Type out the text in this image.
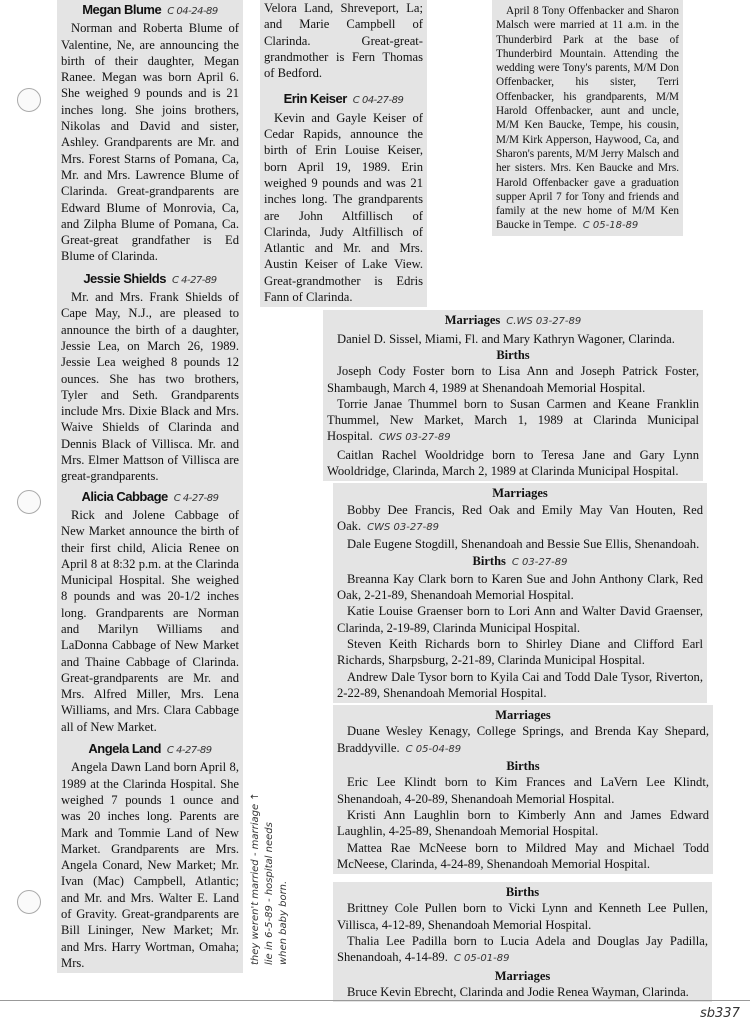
Megan Blume C 04-24-89

Norman and Roberta Blume of Valentine, Ne, are announcing the birth of their daughter, Megan Ranee. Megan was born April 6. She weighed 9 pounds and is 21 inches long. She joins brothers, Nikolas and David and sister, Ashley. Grandparents are Mr. and Mrs. Forest Starns of Pomana, Ca, Mr. and Mrs. Lawrence Blume of Clarinda. Great-grandparents are Edward Blume of Monrovia, Ca, and Zilpha Blume of Pomana, Ca. Great-great grandfather is Ed Blume of Clarinda.

Jessie Shields C 4-27-89

Mr. and Mrs. Frank Shields of Cape May, N.J., are pleased to announce the birth of a daughter, Jessie Lea, on March 26, 1989. Jessie Lea weighed 8 pounds 12 ounces. She has two brothers, Tyler and Seth. Grandparents include Mrs. Dixie Black and Mrs. Waive Shields of Clarinda and Dennis Black of Villisca. Mr. and Mrs. Elmer Mattson of Villisca are great-grandparents.

Alicia Cabbage C 4-27-89

Rick and Jolene Cabbage of New Market announce the birth of their first child, Alicia Renee on April 8 at 8:32 p.m. at the Clarinda Municipal Hospital. She weighed 8 pounds and was 20-1/2 inches long. Grandparents are Norman and Marilyn Williams and LaDonna Cabbage of New Market and Thaine Cabbage of Clarinda. Great-grandparents are Mr. and Mrs. Alfred Miller, Mrs. Lena Williams, and Mrs. Clara Cabbage all of New Market.

Angela Land C 4-27-89

Angela Dawn Land born April 8, 1989 at the Clarinda Hospital. She weighed 7 pounds 1 ounce and was 20 inches long. Parents are Mark and Tommie Land of New Market. Grandparents are Mrs. Angela Conard, New Market; Mr. Ivan (Mac) Campbell, Atlantic; and Mr. and Mrs. Walter E. Land of Gravity. Great-grandparents are Bill Lininger, New Market; Mr. and Mrs. Harry Wortman, Omaha; Mrs.

Velora Land, Shreveport, La; and Marie Campbell of Clarinda. Great-great-grandmother is Fern Thomas of Bedford.

Erin Keiser C 04-27-89

Kevin and Gayle Keiser of Cedar Rapids, announce the birth of Erin Louise Keiser, born April 19, 1989. Erin weighed 9 pounds and was 21 inches long. The grandparents are John Altfillisch of Clarinda, Judy Altfillisch of Atlantic and Mr. and Mrs. Austin Keiser of Lake View. Great-grandmother is Edris Fann of Clarinda.

April 8 Tony Offenbacker and Sharon Malsch were married at 11 a.m. in the Thunderbird Park at the base of Thunderbird Mountain. Attending the wedding were Tony's parents, M/M Don Offenbacker, his sister, Terri Offenbacker, his grandparents, M/M Harold Offenbacker, aunt and uncle, M/M Ken Baucke, Tempe, his cousin, M/M Kirk Apperson, Haywood, Ca, and Sharon's parents, M/M Jerry Malsch and her sisters. Mrs. Ken Baucke and Mrs. Harold Offenbacker gave a graduation supper April 7 for Tony and friends and family at the new home of M/M Ken Baucke in Tempe. C 05-18-89

Marriages C.WS 03-27-89

Daniel D. Sissel, Miami, Fl. and Mary Kathryn Wagoner, Clarinda.

Births

Joseph Cody Foster born to Lisa Ann and Joseph Patrick Foster, Shambaugh, March 4, 1989 at Shenandoah Memorial Hospital.

Torrie Janae Thummel born to Susan Carmen and Keane Franklin Thummel, New Market, March 1, 1989 at Clarinda Municipal Hospital. CWS 03-27-89

Caitlan Rachel Wooldridge born to Teresa Jane and Gary Lynn Wooldridge, Clarinda, March 2, 1989 at Clarinda Municipal Hospital.

Marriages

Bobby Dee Francis, Red Oak and Emily May Van Houten, Red Oak. CWS 03-27-89

Dale Eugene Stogdill, Shenandoah and Bessie Sue Ellis, Shenandoah.

Births C 03-27-89

Breanna Kay Clark born to Karen Sue and John Anthony Clark, Red Oak, 2-21-89, Shenandoah Memorial Hospital.

Katie Louise Graenser born to Lori Ann and Walter David Graenser, Clarinda, 2-19-89, Clarinda Municipal Hospital.

Steven Keith Richards born to Shirley Diane and Clifford Earl Richards, Sharpsburg, 2-21-89, Clarinda Municipal Hospital.

Andrew Dale Tysor born to Kyila Cai and Todd Dale Tysor, Riverton, 2-22-89, Shenandoah Memorial Hospital.

Marriages

Duane Wesley Kenagy, College Springs, and Brenda Kay Shepard, Braddyville. C 05-04-89

Births

Eric Lee Klindt born to Kim Frances and LaVern Lee Klindt, Shenandoah, 4-20-89, Shenandoah Memorial Hospital.

Kristi Ann Laughlin born to Kimberly Ann and James Edward Laughlin, 4-25-89, Shenandoah Memorial Hospital.

Mattea Rae McNeese born to Mildred May and Michael Todd McNeese, Clarinda, 4-24-89, Shenandoah Memorial Hospital.

Births

Brittney Cole Pullen born to Vicki Lynn and Kenneth Lee Pullen, Villisca, 4-12-89, Shenandoah Memorial Hospital.

Thalia Lee Padilla born to Lucia Adela and Douglas Jay Padilla, Shenandoah, 4-14-89. C 05-01-89

Marriages

Bruce Kevin Ebrecht, Clarinda and Jodie Renea Wayman, Clarinda.

they weren't married - marriage ↑ lie in 6-5-89 - hospital needs when baby born.
sb337
